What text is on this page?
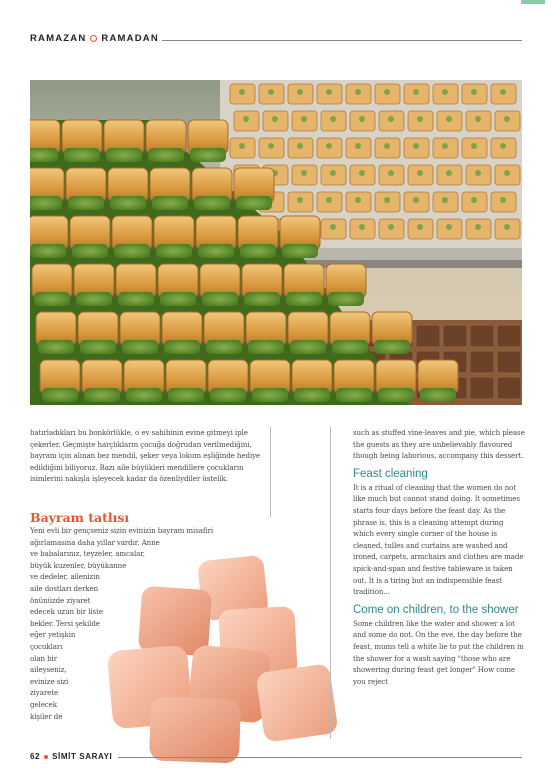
RAMAZAN RAMADAN

hatırladıkları bu bonkörlükle, o ev sahibinin evine gitmeyi iple çekerler. Geçmişte harçlıkların çocuğa doğrudan verilmediğini, bayram için alınan bez mendil, şeker veya lokum eşliğinde hediye edildiğini biliyoruz. Bazı aile büyükleri mendillere çocukların isimlerini nakışla işleyecek kadar da özenliydiler üstelik.

Bayram tatlısı
Yeni evli bir gençseniz sizin evinizin bayram misafiri
ağırlamasına daha yıllar vardır. Anne
ve babalarınız, teyzeler, amcalar,
büyük kuzenler, büyükanne
ve dedeler, ailenizin
aile dostları derken
önünüzde ziyaret
edecek uzun bir liste
bekler. Tersi şekilde
eğer yetişkin
çocukları
olan bir
aileyseniz,
evinize sizi
ziyarete
gelecek
kişiler de

such as stuffed vine-leaves and pie, which please the guests as they are unbelievably flavoured though being laborious, accompany this dessert.

Feast cleaning

It is a ritual of cleaning that the women do not like much but cannot stand doing. It sometimes starts four days before the feast day. As the phrase is, this is a cleaning attempt during which every single corner of the house is cleaned, tulles and curtains are washed and ironed, carpets, armchairs and clothes are made spick-and-span and festive tableware is taken out. It is a tiring but an indispensible feast tradition...

Come on children, to the shower

Some children like the water and shower a lot and some do not. On the eve, the day before the feast, mums tell a white lie to put the children in the shower for a wash saying "those who are showering during feast get longer" How come you reject

62 SİMİT SARAYI
